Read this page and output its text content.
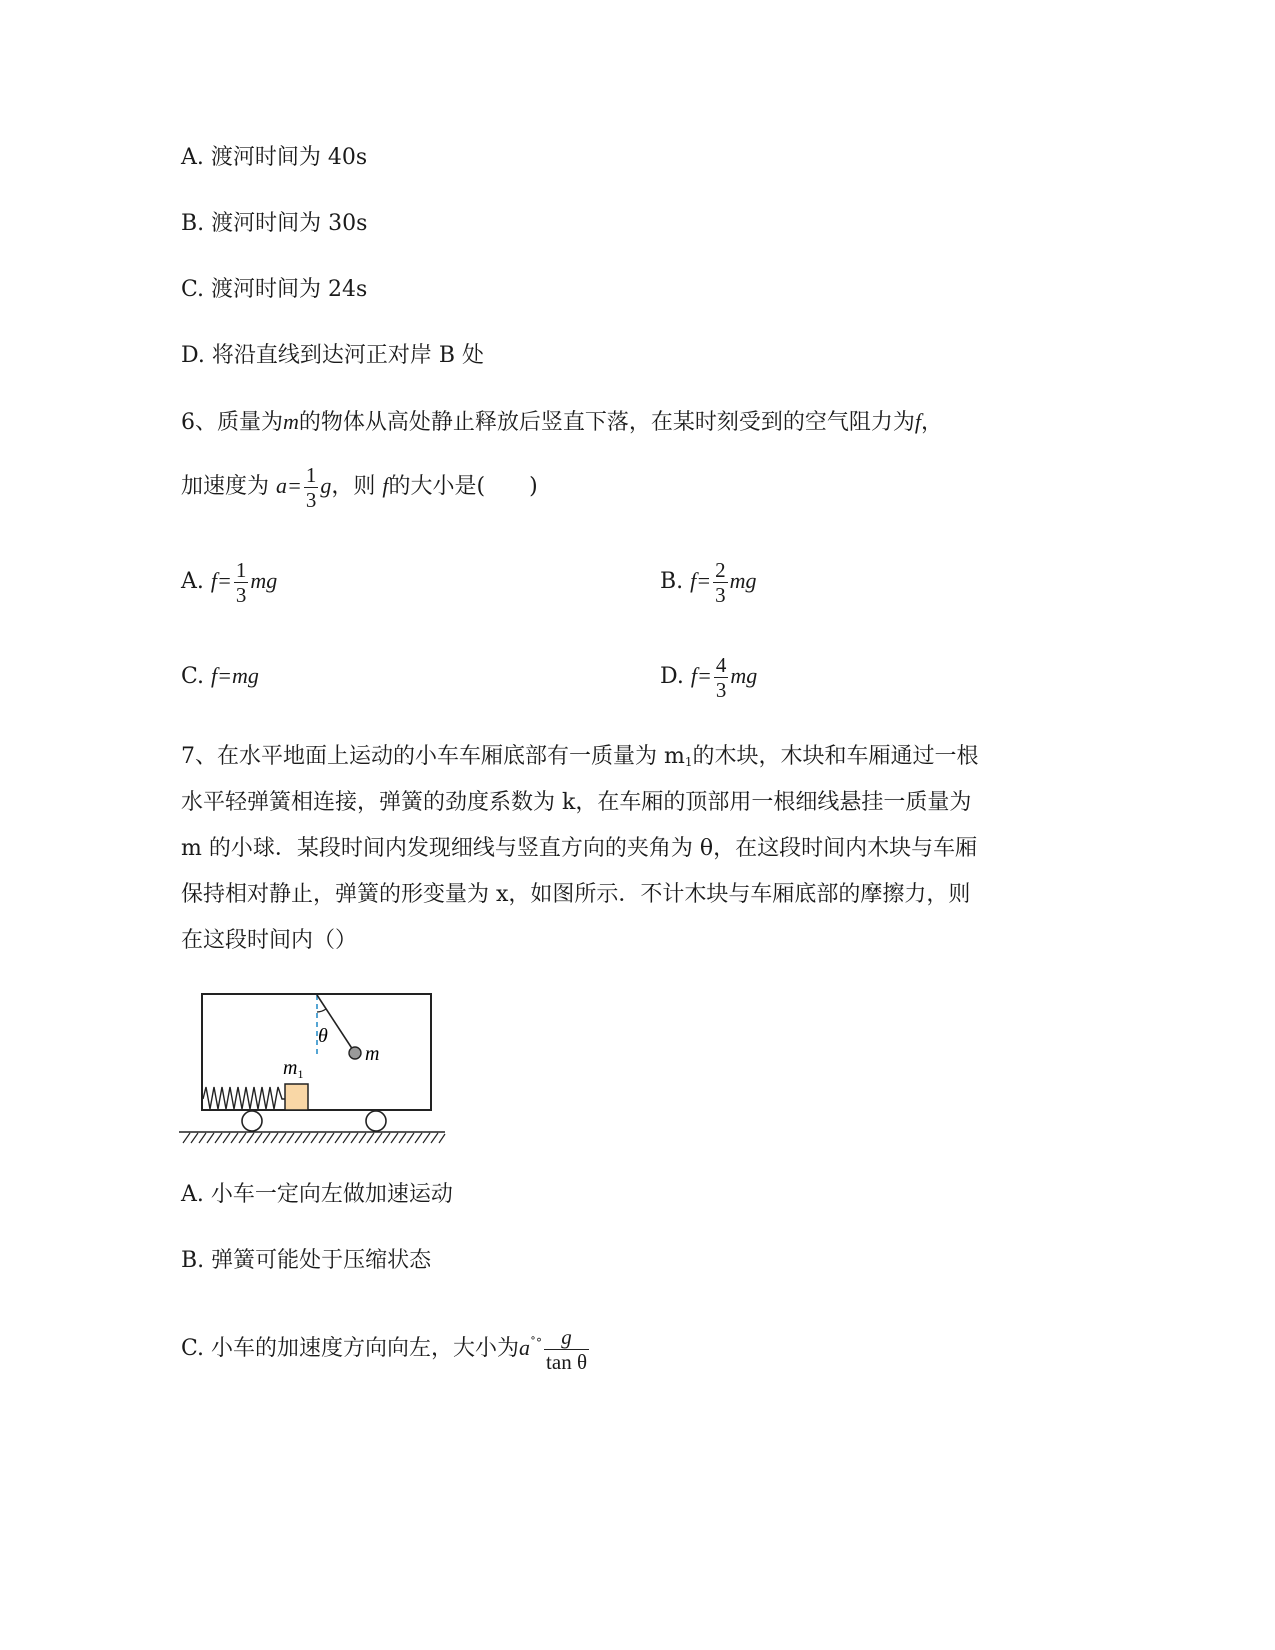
A. 渡河时间为 40s
B. 渡河时间为 30s
C. 渡河时间为 24s
D. 将沿直线到达河正对岸 B 处
6、质量为m的物体从高处静止释放后竖直下落，在某时刻受到的空气阻力为f，
加速度为 $a= \frac{1}{3}$ g，则 f的大小是(　　)
A. $f= \frac{1}{3}$ mg	B. $f= \frac{2}{3}$ mg
C. f=mg	D. $f= \frac{4}{3}$ mg
7、在水平地面上运动的小车车厢底部有一质量为 $m_1$的木块，木块和车厢通过一根
水平轻弹簧相连接，弹簧的劲度系数为 k，在车厢的顶部用一根细线悬挂一质量为
m 的小球．某段时间内发现细线与竖直方向的夹角为 θ，在这段时间内木块与车厢
保持相对静止，弹簧的形变量为 x，如图所示．不计木块与车厢底部的摩擦力，则
在这段时间内（）
θ
m
$m_1$
A. 小车一定向左做加速运动
B. 弹簧可能处于压缩状态
C. 小车的加速度方向向左，大小为$a^{˚^\circ} \frac{g}{\text{tan θ}}$
